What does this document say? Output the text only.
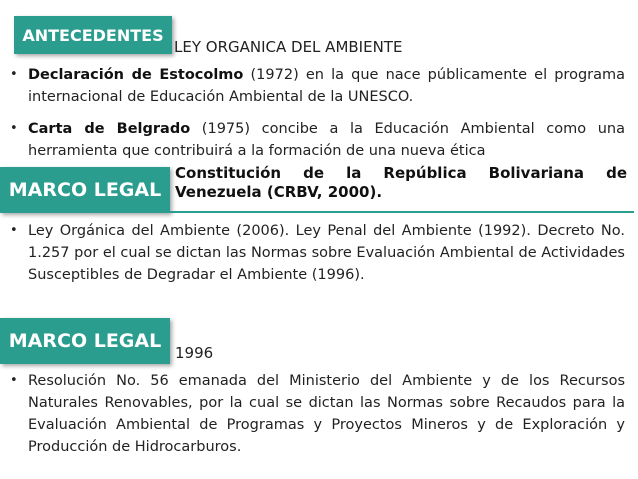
ANTECEDENTES
LEY ORGANICA DEL AMBIENTE
• Declaración de Estocolmo (1972) en la que nace públicamente el programa internacional de Educación Ambiental de la UNESCO.
• Carta de Belgrado (1975) concibe a la Educación Ambiental como una herramienta que contribuirá a la formación de una nueva ética
MARCO LEGAL
Constitución de la República Bolivariana de
Venezuela (CRBV, 2000).
• Ley Orgánica del Ambiente (2006). Ley Penal del Ambiente (1992). Decreto No. 1.257 por el cual se dictan las Normas sobre Evaluación Ambiental de Actividades Susceptibles de Degradar el Ambiente (1996).
MARCO LEGAL
1996
• Resolución No. 56 emanada del Ministerio del Ambiente y de los Recursos Naturales Renovables, por la cual se dictan las Normas sobre Recaudos para la Evaluación Ambiental de Programas y Proyectos Mineros y de Exploración y Producción de Hidrocarburos.
